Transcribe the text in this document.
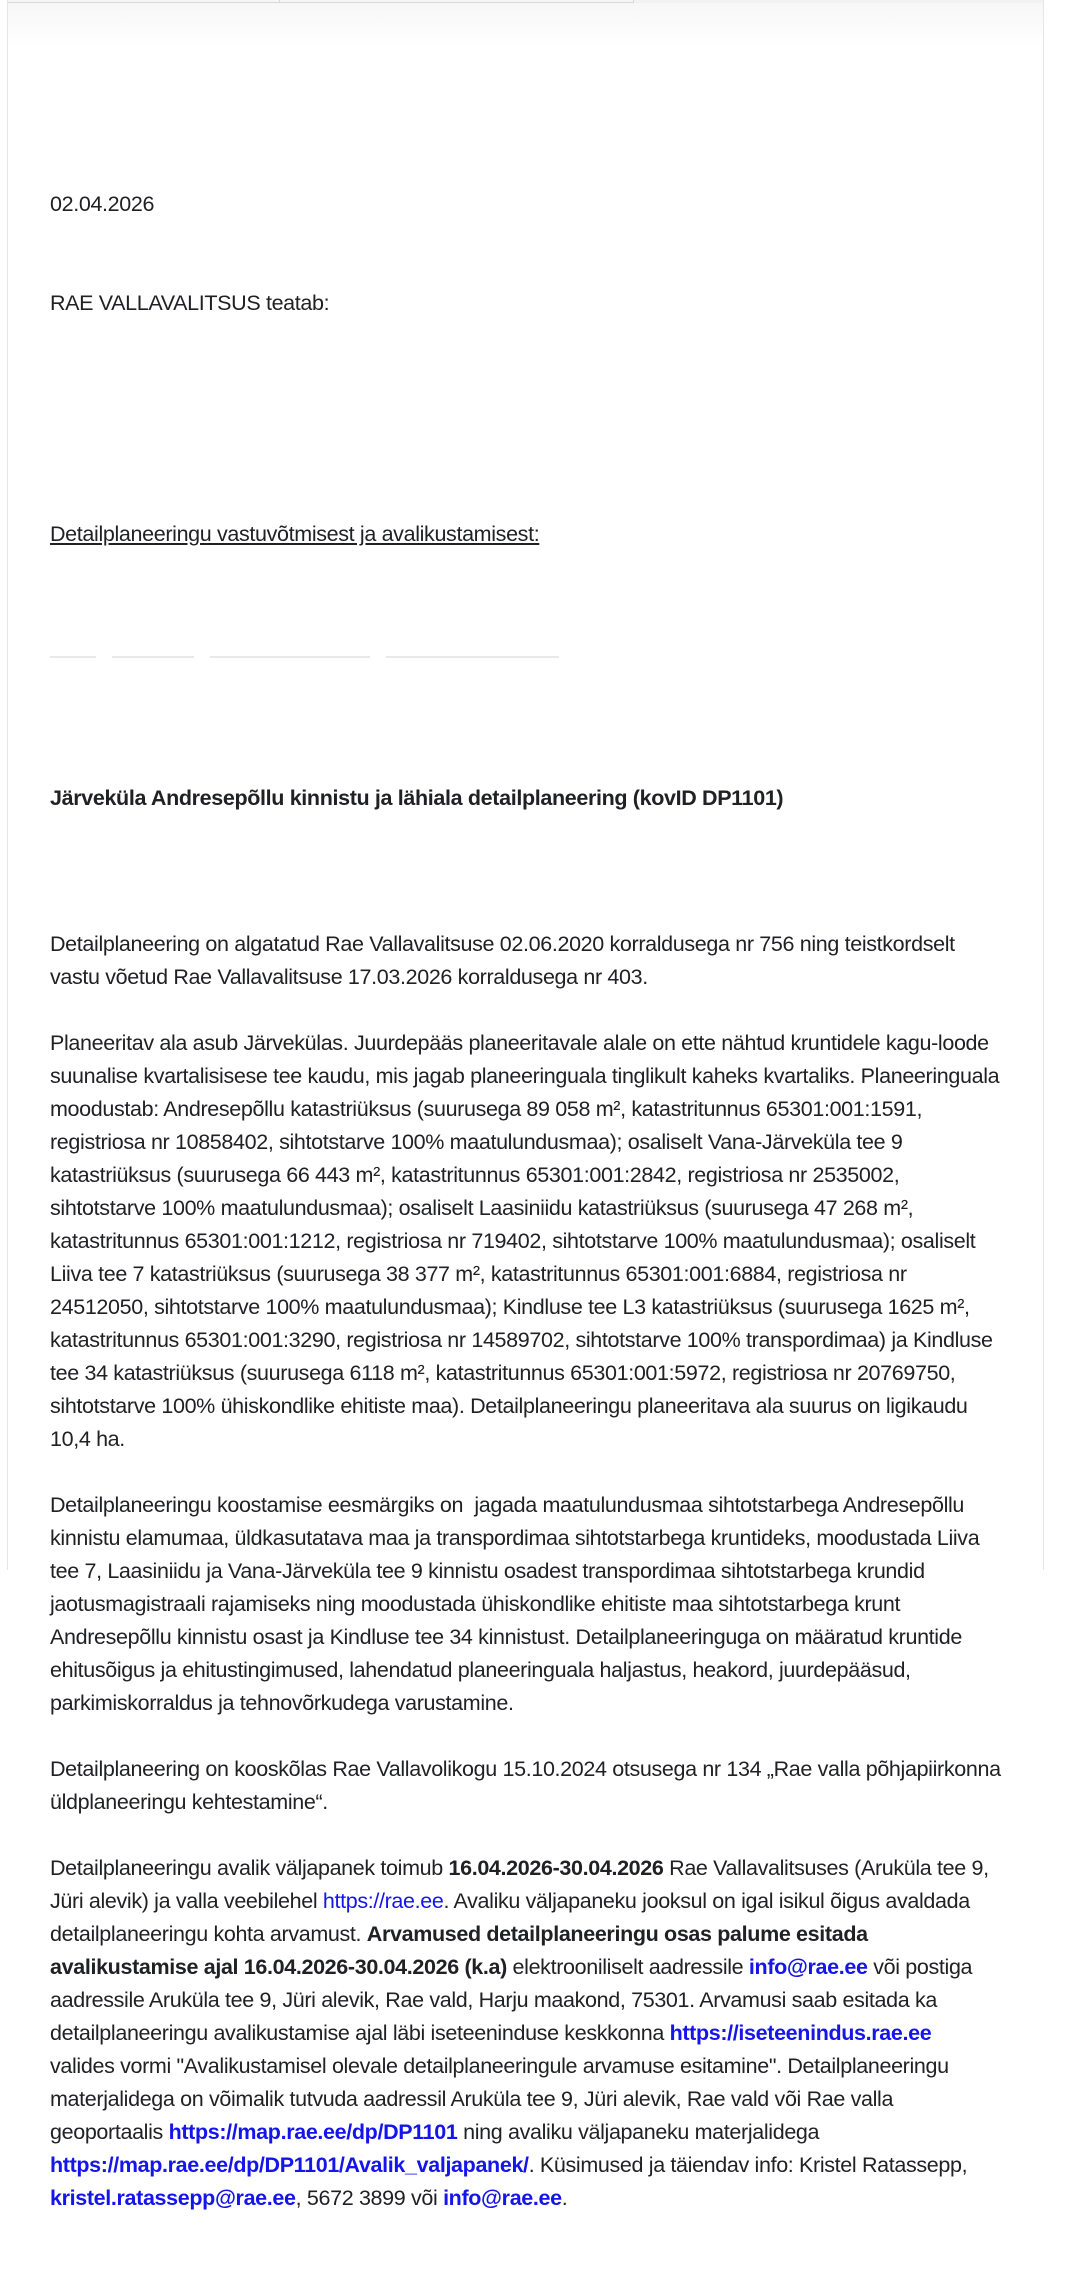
02.04.2026

RAE VALLAVALITSUS teatab:

Detailplaneeringu vastuvõtmisest ja avalikustamisest:

Järveküla Andresepõllu kinnistu ja lähiala detailplaneering (kovID DP1101)

Detailplaneering on algatatud Rae Vallavalitsuse 02.06.2020 korraldusega nr 756 ning teistkordselt vastu võetud Rae Vallavalitsuse 17.03.2026 korraldusega nr 403.

Planeeritav ala asub Järvekülas. Juurdepääs planeeritavale alale on ette nähtud kruntidele kagu-loode suunalise kvartalisisese tee kaudu, mis jagab planeeringuala tinglikult kaheks kvartaliks. Planeeringuala moodustab: Andresepõllu katastriüksus (suurusega 89 058 m², katastritunnus 65301:001:1591, registriosa nr 10858402, sihtotstarve 100% maatulundusmaa); osaliselt Vana-Järveküla tee 9 katastriüksus (suurusega 66 443 m², katastritunnus 65301:001:2842, registriosa nr 2535002, sihtotstarve 100% maatulundusmaa); osaliselt Laasiniidu katastriüksus (suurusega 47 268 m², katastritunnus 65301:001:1212, registriosa nr 719402, sihtotstarve 100% maatulundusmaa); osaliselt Liiva tee 7 katastriüksus (suurusega 38 377 m², katastritunnus 65301:001:6884, registriosa nr 24512050, sihtotstarve 100% maatulundusmaa); Kindluse tee L3 katastriüksus (suurusega 1625 m², katastritunnus 65301:001:3290, registriosa nr 14589702, sihtotstarve 100% transpordimaa) ja Kindluse tee 34 katastriüksus (suurusega 6118 m², katastritunnus 65301:001:5972, registriosa nr 20769750, sihtotstarve 100% ühiskondlike ehitiste maa). Detailplaneeringu planeeritava ala suurus on ligikaudu 10,4 ha.

Detailplaneeringu koostamise eesmärgiks on  jagada maatulundusmaa sihtotstarbega Andresepõllu kinnistu elamumaa, üldkasutatava maa ja transpordimaa sihtotstarbega kruntideks, moodustada Liiva tee 7, Laasiniidu ja Vana-Järveküla tee 9 kinnistu osadest transpordimaa sihtotstarbega krundid jaotusmagistraali rajamiseks ning moodustada ühiskondlike ehitiste maa sihtotstarbega krunt Andresepõllu kinnistu osast ja Kindluse tee 34 kinnistust. Detailplaneeringuga on määratud kruntide ehitusõigus ja ehitustingimused, lahendatud planeeringuala haljastus, heakord, juurdepääsud, parkimiskorraldus ja tehnovõrkudega varustamine.

Detailplaneering on kooskõlas Rae Vallavolikogu 15.10.2024 otsusega nr 134 „Rae valla põhjapiirkonna üldplaneeringu kehtestamine“.

Detailplaneeringu avalik väljapanek toimub 16.04.2026-30.04.2026 Rae Vallavalitsuses (Aruküla tee 9, Jüri alevik) ja valla veebilehel https://rae.ee. Avaliku väljapaneku jooksul on igal isikul õigus avaldada detailplaneeringu kohta arvamust. Arvamused detailplaneeringu osas palume esitada avalikustamise ajal 16.04.2026-30.04.2026 (k.a) elektrooniliselt aadressile info@rae.ee või postiga aadressile Aruküla tee 9, Jüri alevik, Rae vald, Harju maakond, 75301. Arvamusi saab esitada ka detailplaneeringu avalikustamise ajal läbi iseteeninduse keskkonna https://iseteenindus.rae.ee valides vormi "Avalikustamisel olevale detailplaneeringule arvamuse esitamine". Detailplaneeringu materjalidega on võimalik tutvuda aadressil Aruküla tee 9, Jüri alevik, Rae vald või Rae valla geoportaalis https://map.rae.ee/dp/DP1101 ning avaliku väljapaneku materjalidega https://map.rae.ee/dp/DP1101/Avalik_valjapanek/. Küsimused ja täiendav info: Kristel Ratassepp, kristel.ratassepp@rae.ee, 5672 3899 või info@rae.ee.
